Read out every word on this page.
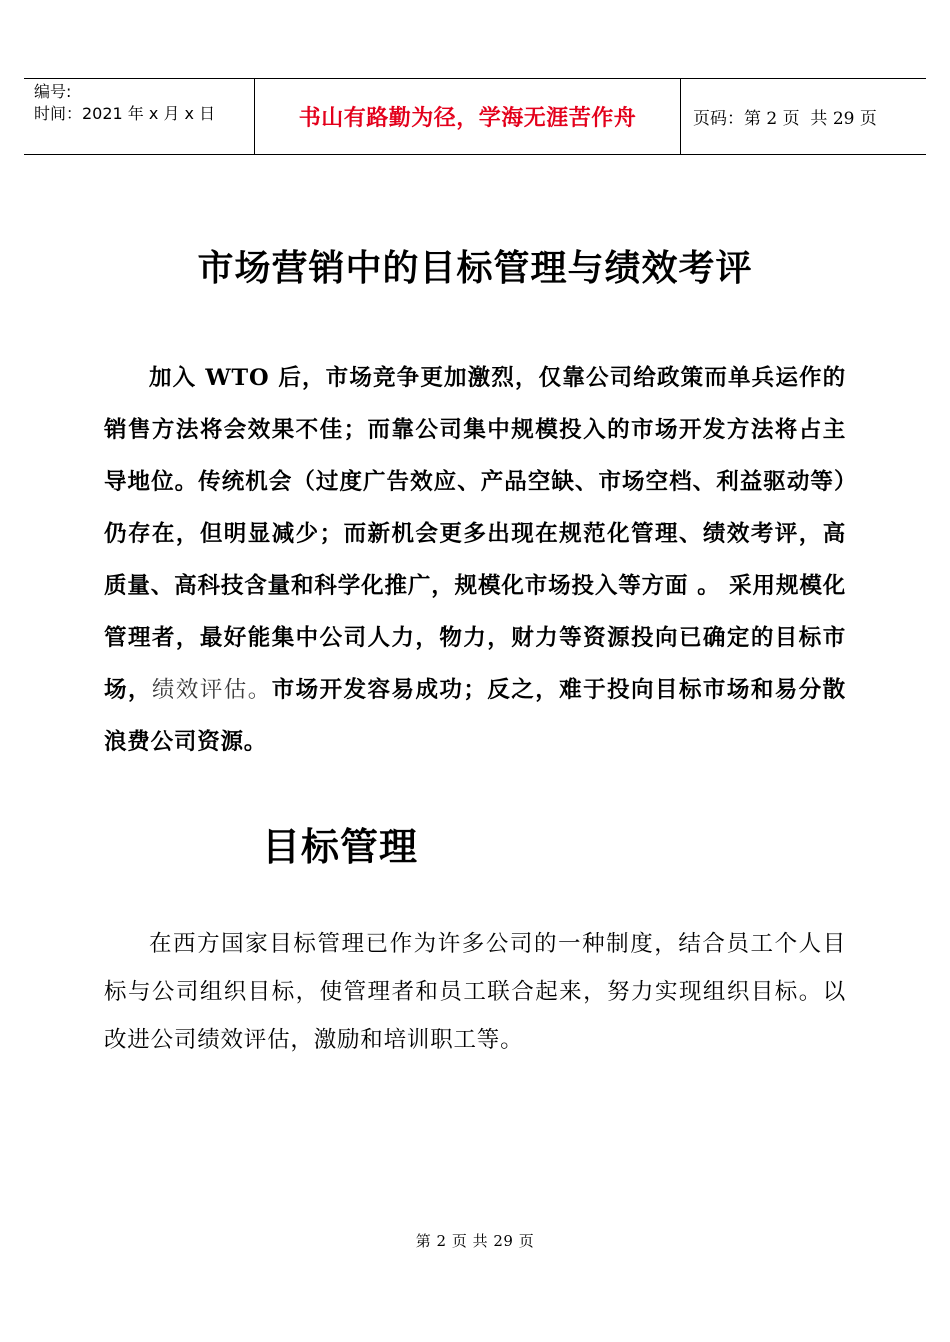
编号:
时间：2021 年 x 月 x 日	书山有路勤为径，学海无涯苦作舟	页码：第 2 页  共 29 页
市场营销中的目标管理与绩效考评

加入 WTO 后，市场竞争更加激烈，仅靠公司给政策而单兵运作的销售方法将会效果不佳；而靠公司集中规模投入的市场开发方法将占主导地位。传统机会（过度广告效应、产品空缺、市场空档、利益驱动等）仍存在，但明显减少；而新机会更多出现在规范化管理、绩效考评，高质量、高科技含量和科学化推广，规模化市场投入等方面 。 采用规模化管理者，最好能集中公司人力，物力，财力等资源投向已确定的目标市场，绩效评估。市场开发容易成功；反之，难于投向目标市场和易分散浪费公司资源。

目标管理

在西方国家目标管理已作为许多公司的一种制度，结合员工个人目标与公司组织目标，使管理者和员工联合起来，努力实现组织目标。以改进公司绩效评估，激励和培训职工等。

第 2 页 共 29 页
